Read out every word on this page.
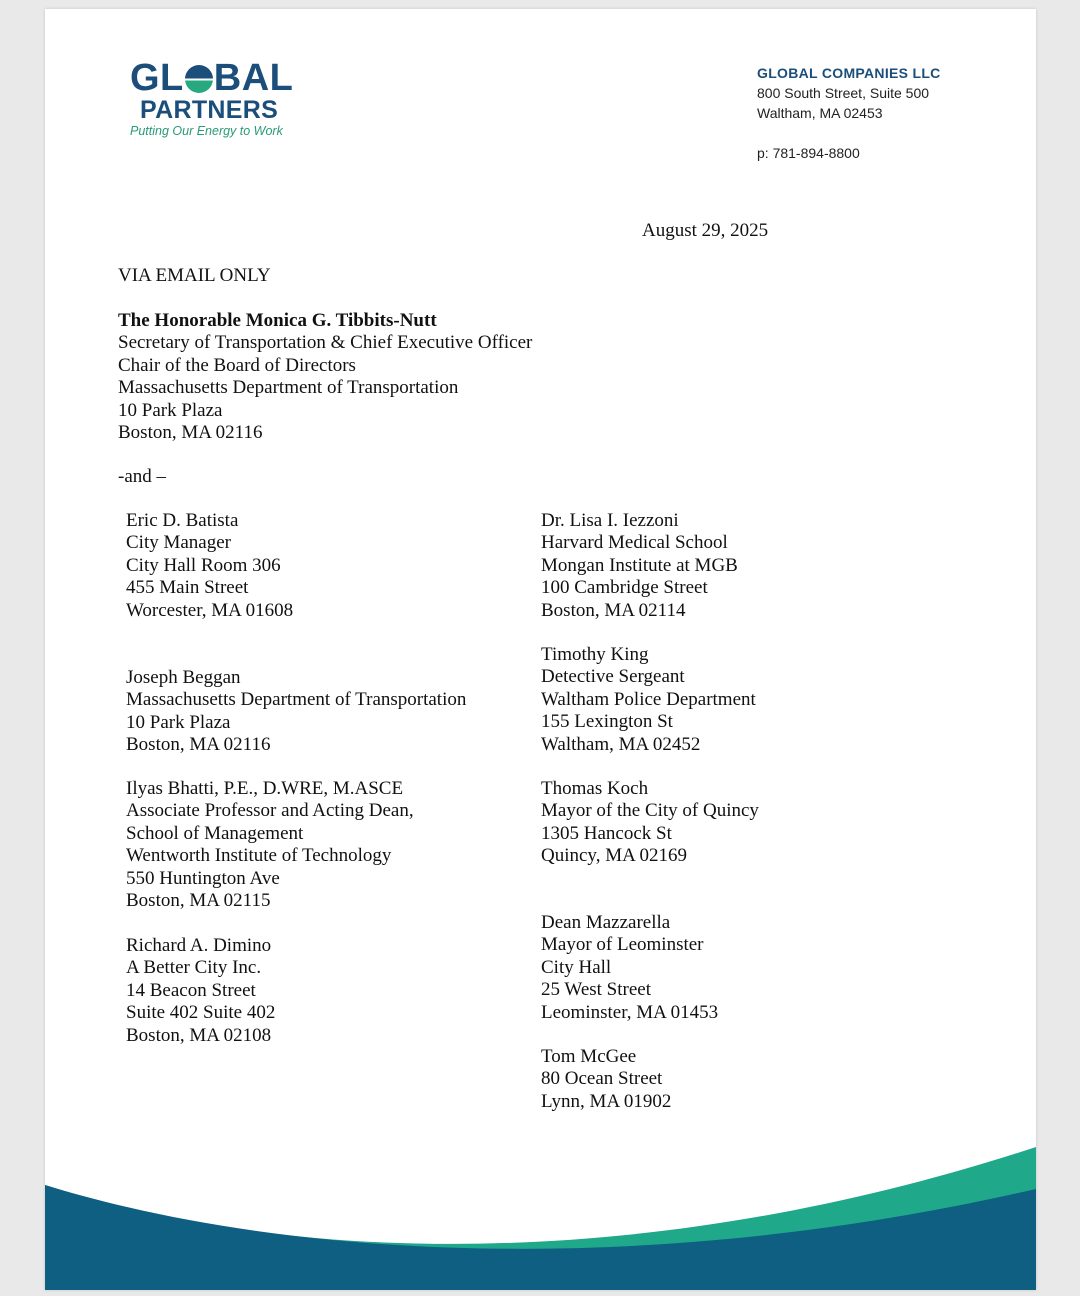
GL BAL
PARTNERS
Putting Our Energy to Work
GLOBAL COMPANIES LLC
800 South Street, Suite 500
Waltham, MA 02453
p: 781-894-8800
August 29, 2025
VIA EMAIL ONLY
The Honorable Monica G. Tibbits-Nutt
Secretary of Transportation & Chief Executive Officer
Chair of the Board of Directors
Massachusetts Department of Transportation
10 Park Plaza
Boston, MA 02116
-and –
Eric D. Batista
City Manager
City Hall Room 306
455 Main Street
Worcester, MA 01608
Joseph Beggan
Massachusetts Department of Transportation
10 Park Plaza
Boston, MA 02116
Ilyas Bhatti, P.E., D.WRE, M.ASCE
Associate Professor and Acting Dean,
School of Management
Wentworth Institute of Technology
550 Huntington Ave
Boston, MA 02115
Richard A. Dimino
A Better City Inc.
14 Beacon Street
Suite 402 Suite 402
Boston, MA 02108
Dr. Lisa I. Iezzoni
Harvard Medical School
Mongan Institute at MGB
100 Cambridge Street
Boston, MA 02114
Timothy King
Detective Sergeant
Waltham Police Department
155 Lexington St
Waltham, MA 02452
Thomas Koch
Mayor of the City of Quincy
1305 Hancock St
Quincy, MA 02169
Dean Mazzarella
Mayor of Leominster
City Hall
25 West Street
Leominster, MA 01453
Tom McGee
80 Ocean Street
Lynn, MA 01902
